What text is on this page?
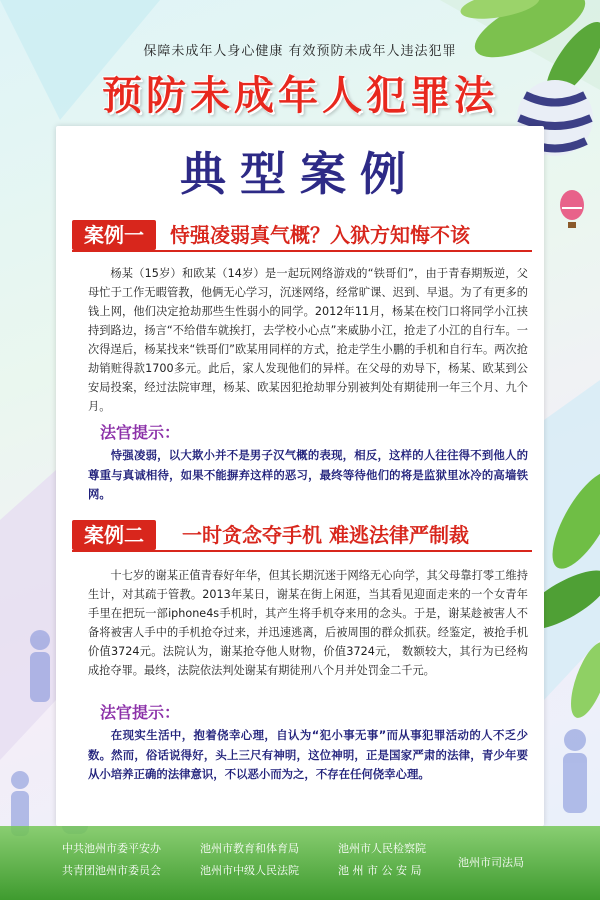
保障未成年人身心健康 有效预防未成年人违法犯罪
预防未成年人犯罪法
典型案例
案例一	恃强凌弱真气概？入狱方知悔不该

杨某（15岁）和欧某（14岁）是一起玩网络游戏的“铁哥们”，由于青春期叛逆，父母忙于工作无暇管教，他俩无心学习，沉迷网络，经常旷课、迟到、早退。为了有更多的钱上网，他们决定抢劫那些生性弱小的同学。2012年11月，杨某在校门口将同学小江挟持到路边，扬言“不给借车就挨打，去学校小心点”来威胁小江，抢走了小江的自行车。一次得逞后，杨某找来“铁哥们”欧某用同样的方式，抢走学生小鹏的手机和自行车。两次抢劫销赃得款1700多元。此后，家人发现他们的异样。在父母的劝导下，杨某、欧某到公安局投案，经过法院审理，杨某、欧某因犯抢劫罪分别被判处有期徒刑一年三个月、九个月。

法官提示：

恃强凌弱，以大欺小并不是男子汉气概的表现，相反，这样的人往往得不到他人的尊重与真诚相待，如果不能摒弃这样的恶习，最终等待他们的将是监狱里冰冷的高墙铁网。

案例二	一时贪念夺手机 难逃法律严制裁

十七岁的谢某正值青春好年华，但其长期沉迷于网络无心向学，其父母靠打零工维持生计，对其疏于管教。2013年某日，谢某在街上闲逛，当其看见迎面走来的一个女青年手里在把玩一部iphone4s手机时，其产生将手机夺来用的念头。于是，谢某趁被害人不备将被害人手中的手机抢夺过来，并迅速逃离，后被周围的群众抓获。经鉴定，被抢手机价值3724元。法院认为，谢某抢夺他人财物，价值3724元， 数额较大，其行为已经构成抢夺罪。最终，法院依法判处谢某有期徒刑八个月并处罚金二千元。

法官提示：

在现实生活中，抱着侥幸心理，自认为“犯小事无事”而从事犯罪活动的人不乏少数。然而，俗话说得好，头上三尺有神明，这位神明，正是国家严肃的法律，青少年要从小培养正确的法律意识，不以恶小而为之，不存在任何侥幸心理。

中共池州市委平安办	池州市教育和体育局	池州市人民检察院
共青团池州市委员会	池州市中级人民法院	池 州 市 公 安 局
池州市司法局
